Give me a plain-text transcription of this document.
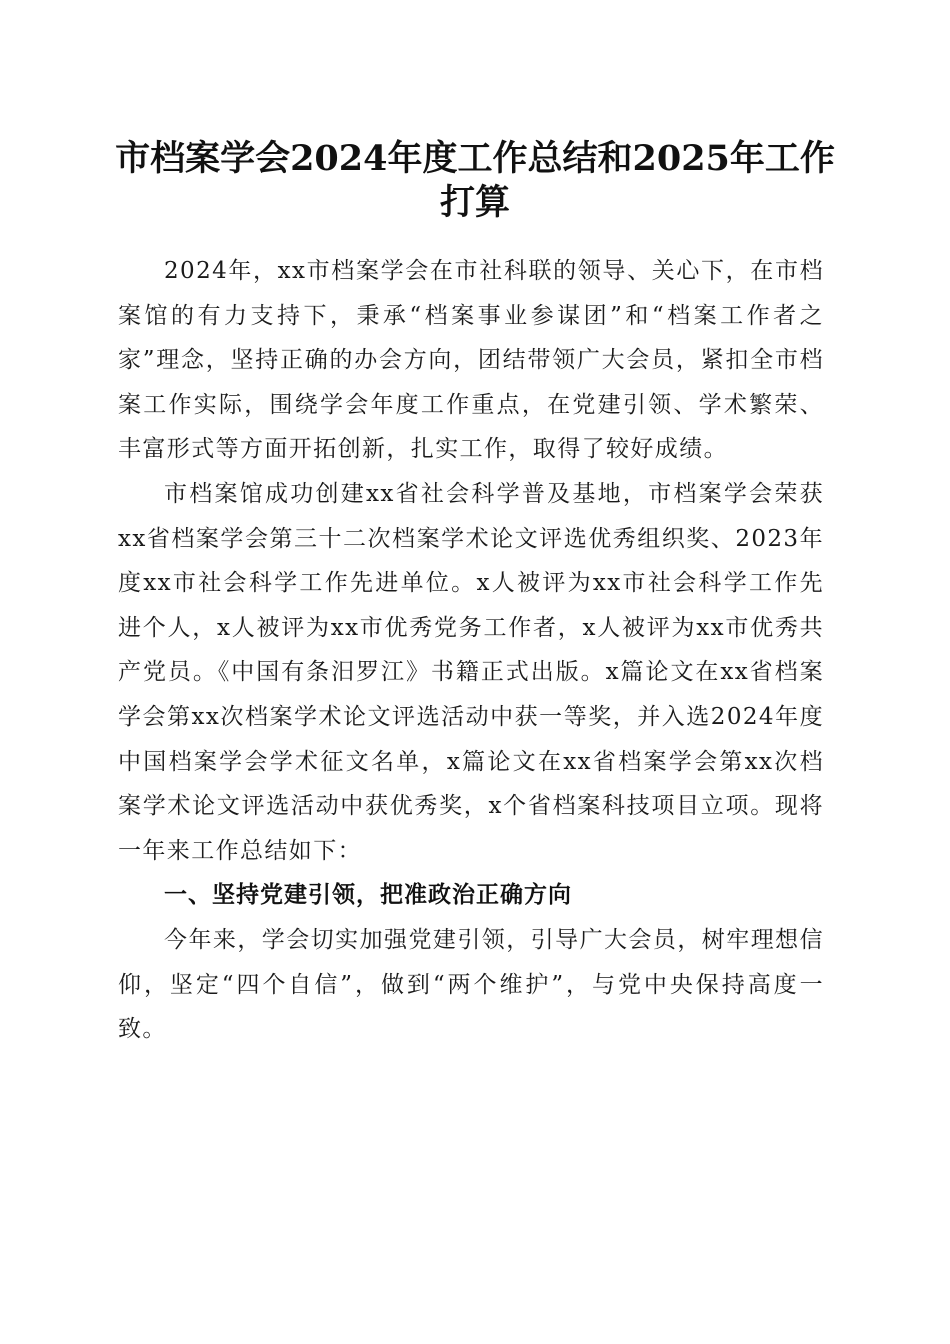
市档案学会2024年度工作总结和2025年工作打算

2024年，xx市档案学会在市社科联的领导、关心下，在市档案馆的有力支持下，秉承“档案事业参谋团”和“档案工作者之家”理念，坚持正确的办会方向，团结带领广大会员，紧扣全市档案工作实际，围绕学会年度工作重点，在党建引领、学术繁荣、丰富形式等方面开拓创新，扎实工作，取得了较好成绩。

市档案馆成功创建xx省社会科学普及基地，市档案学会荣获xx省档案学会第三十二次档案学术论文评选优秀组织奖、2023年度xx市社会科学工作先进单位。x人被评为xx市社会科学工作先进个人，x人被评为xx市优秀党务工作者，x人被评为xx市优秀共产党员。《中国有条汨罗江》书籍正式出版。x篇论文在xx省档案学会第xx次档案学术论文评选活动中获一等奖，并入选2024年度中国档案学会学术征文名单，x篇论文在xx省档案学会第xx次档案学术论文评选活动中获优秀奖，x个省档案科技项目立项。现将一年来工作总结如下：

一、坚持党建引领，把准政治正确方向

今年来，学会切实加强党建引领，引导广大会员，树牢理想信仰，坚定“四个自信”，做到“两个维护”，与党中央保持高度一致。
